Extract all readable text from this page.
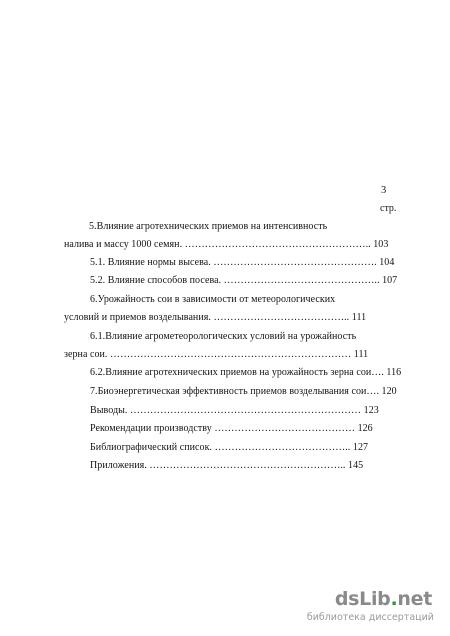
3
стр.
5.Влияние агротехнических приемов на интенсивность
налива и массу 1000 семян. ……………………………………………….. 103
5.1. Влияние нормы высева. …………………………………………. 104
5.2. Влияние способов посева. ……………………………………….. 107
6.Урожайность сои в зависимости от метеорологических
условий и приемов возделывания. ………………………………….. 111
6.1.Влияние агрометеорологических условий на урожайность
зерна сои. ……………………………………………………………… 111
6.2.Влияние агротехнических приемов на урожайность зерна сои…. 116
7.Биоэнергетическая эффективность приемов возделывания сои…. 120
Выводы. …………………………………………………………… 123
Рекомендации производству …………………………………… 126
Библиографический список. ………………………………….. 127
Приложения. ………………………………………………….. 145
dsLib.net
библиотека диссертаций
